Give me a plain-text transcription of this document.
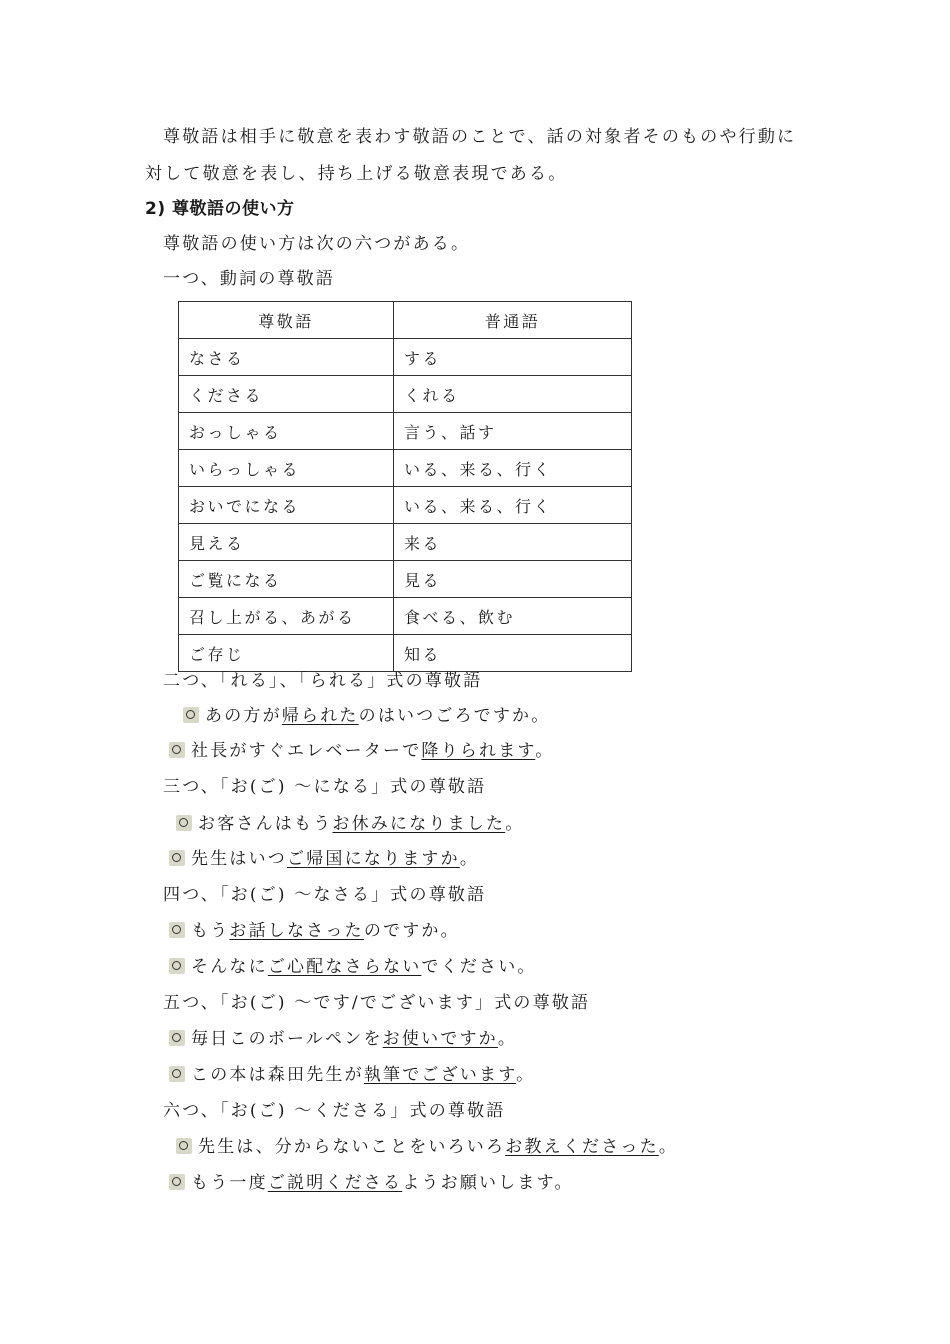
尊敬語は相手に敬意を表わす敬語のことで、話の対象者そのものや行動に
対して敬意を表し、持ち上げる敬意表現である。
2) 尊敬語の使い方
尊敬語の使い方は次の六つがある。
一つ、動詞の尊敬語
尊敬語	普通語
なさる	する
くださる	くれる
おっしゃる	言う、話す
いらっしゃる	いる、来る、行く
おいでになる	いる、来る、行く
見える	来る
ご覧になる	見る
召し上がる、あがる	食べる、飲む
ご存じ	知る
二つ、「れる」、「られる」式の尊敬語
あの方が帰られたのはいつごろですか。
社長がすぐエレベーターで降りられます。
三つ、「お(ご) ～になる」式の尊敬語
お客さんはもうお休みになりました。
先生はいつご帰国になりますか。
四つ、「お(ご) ～なさる」式の尊敬語
もうお話しなさったのですか。
そんなにご心配なさらないでください。
五つ、「お(ご) ～です/でございます」式の尊敬語
毎日このボールペンをお使いですか。
この本は森田先生が執筆でございます。
六つ、「お(ご) ～くださる」式の尊敬語
先生は、分からないことをいろいろお教えくださった。
もう一度ご説明くださるようお願いします。
